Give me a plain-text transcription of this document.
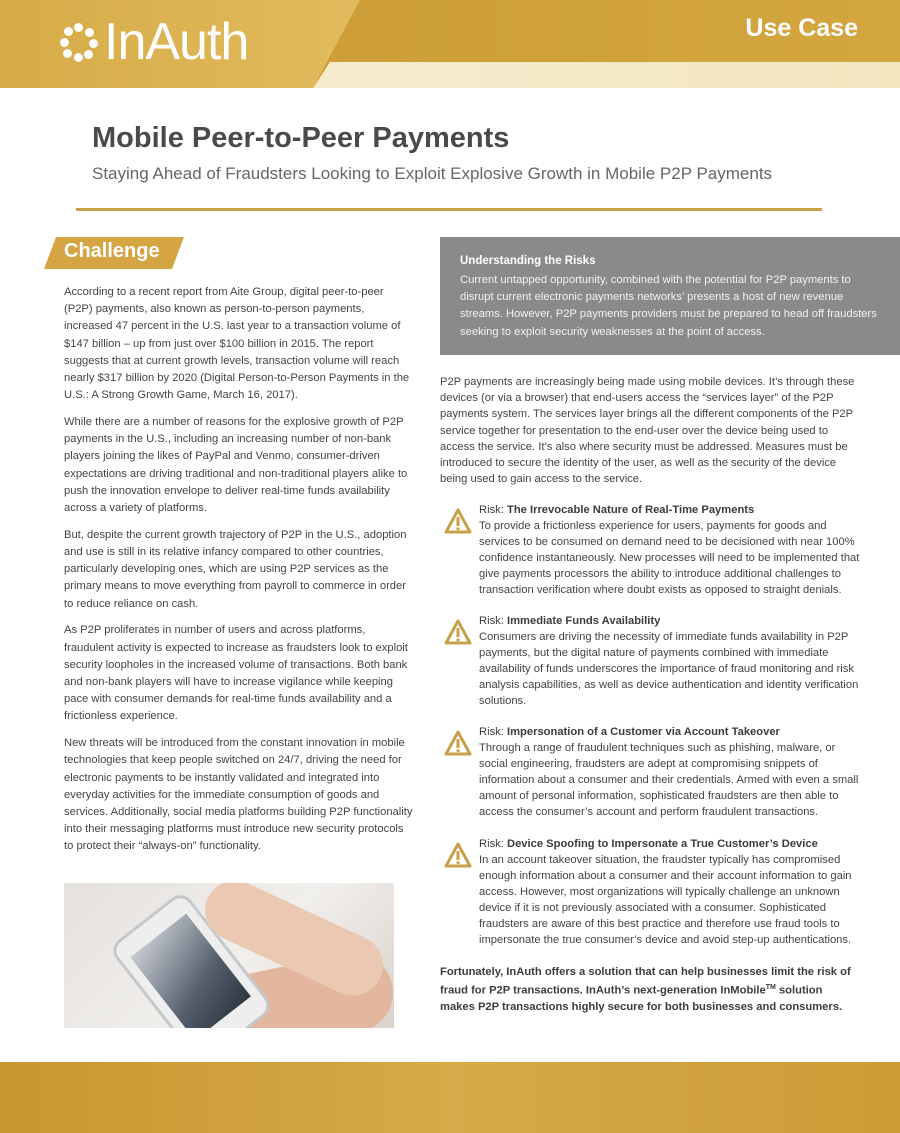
InAuth	Use Case
Mobile Peer-to-Peer Payments
Staying Ahead of Fraudsters Looking to Exploit Explosive Growth in Mobile P2P Payments
Challenge

According to a recent report from Aite Group, digital peer-to-peer (P2P) payments, also known as person-to-person payments, increased 47 percent in the U.S. last year to a transaction volume of $147 billion – up from just over $100 billion in 2015. The report suggests that at current growth levels, transaction volume will reach nearly $317 billion by 2020 (Digital Person-to-Person Payments in the U.S.: A Strong Growth Game, March 16, 2017).

While there are a number of reasons for the explosive growth of P2P payments in the U.S., including an increasing number of non-bank players joining the likes of PayPal and Venmo, consumer-driven expectations are driving traditional and non-traditional players alike to push the innovation envelope to deliver real-time funds availability across a variety of platforms.

But, despite the current growth trajectory of P2P in the U.S., adoption and use is still in its relative infancy compared to other countries, particularly developing ones, which are using P2P services as the primary means to move everything from payroll to commerce in order to reduce reliance on cash.

As P2P proliferates in number of users and across platforms, fraudulent activity is expected to increase as fraudsters look to exploit security loopholes in the increased volume of transactions. Both bank and non-bank players will have to increase vigilance while keeping pace with consumer demands for real-time funds availability and a frictionless experience.

New threats will be introduced from the constant innovation in mobile technologies that keep people switched on 24/7, driving the need for electronic payments to be instantly validated and integrated into everyday activities for the immediate consumption of goods and services. Additionally, social media platforms building P2P functionality into their messaging platforms must introduce new security protocols to protect their “always-on” functionality.

Understanding the Risks
Current untapped opportunity, combined with the potential for P2P payments to disrupt current electronic payments networks’ presents a host of new revenue streams. However, P2P payments providers must be prepared to head off fraudsters seeking to exploit security weaknesses at the point of access.
P2P payments are increasingly being made using mobile devices. It’s through these devices (or via a browser) that end-users access the “services layer” of the P2P payments system. The services layer brings all the different components of the P2P service together for presentation to the end-user over the device being used to access the service. It’s also where security must be addressed. Measures must be introduced to secure the identity of the user, as well as the security of the device being used to gain access to the service.
Risk: The Irrevocable Nature of Real-Time Payments
To provide a frictionless experience for users, payments for goods and services to be consumed on demand need to be decisioned with near 100% confidence instantaneously. New processes will need to be implemented that give payments processors the ability to introduce additional challenges to transaction verification where doubt exists as opposed to straight denials.
Risk: Immediate Funds Availability
Consumers are driving the necessity of immediate funds availability in P2P payments, but the digital nature of payments combined with immediate availability of funds underscores the importance of fraud monitoring and risk analysis capabilities, as well as device authentication and identity verification solutions.
Risk: Impersonation of a Customer via Account Takeover
Through a range of fraudulent techniques such as phishing, malware, or social engineering, fraudsters are adept at compromising snippets of information about a consumer and their credentials. Armed with even a small amount of personal information, sophisticated fraudsters are then able to access the consumer’s account and perform fraudulent transactions.
Risk: Device Spoofing to Impersonate a True Customer’s Device
In an account takeover situation, the fraudster typically has compromised enough information about a consumer and their account information to gain access. However, most organizations will typically challenge an unknown device if it is not previously associated with a consumer. Sophisticated fraudsters are aware of this best practice and therefore use fraud tools to impersonate the true consumer’s device and avoid step-up authentications.
Fortunately, InAuth offers a solution that can help businesses limit the risk of fraud for P2P transactions. InAuth’s next-generation InMobile™ solution makes P2P transactions highly secure for both businesses and consumers.
